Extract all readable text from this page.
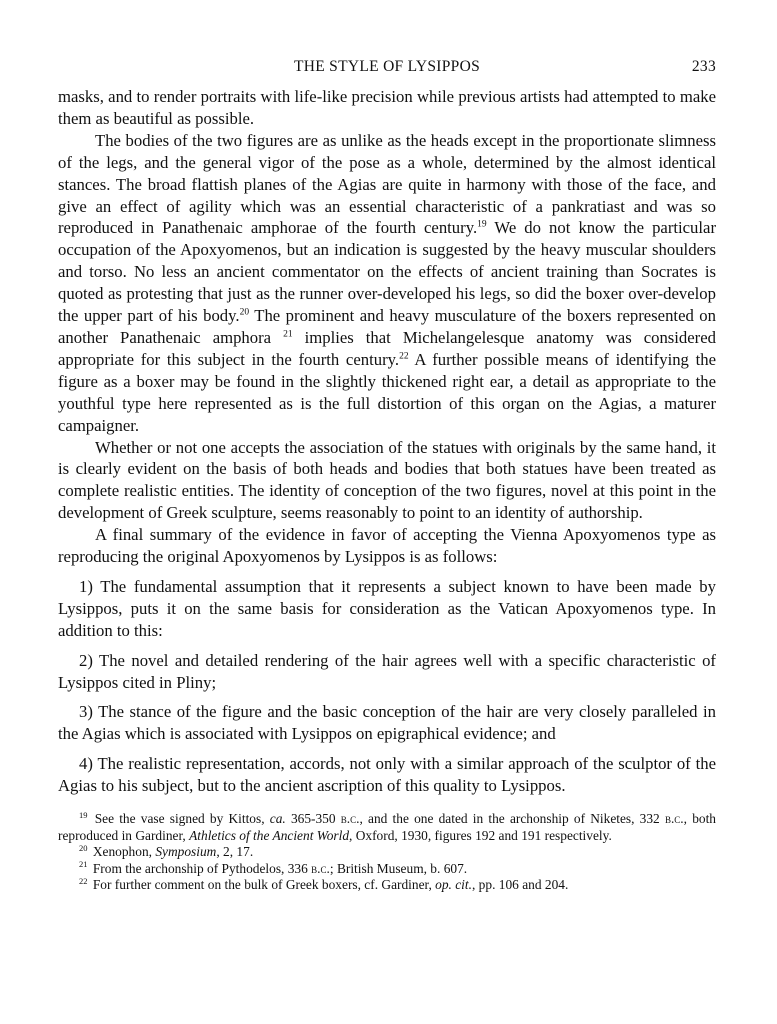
THE STYLE OF LYSIPPOS	233

masks, and to render portraits with life-like precision while previous artists had attempted to make them as beautiful as possible.

The bodies of the two figures are as unlike as the heads except in the proportionate slimness of the legs, and the general vigor of the pose as a whole, determined by the almost identical stances. The broad flattish planes of the Agias are quite in harmony with those of the face, and give an effect of agility which was an essential characteristic of a pankratiast and was so reproduced in Panathenaic amphorae of the fourth century.$^{19}$ We do not know the particular occupation of the Apoxyomenos, but an indication is suggested by the heavy muscular shoulders and torso. No less an ancient commentator on the effects of ancient training than Socrates is quoted as protesting that just as the runner over-developed his legs, so did the boxer over-develop the upper part of his body.$^{20}$ The prominent and heavy musculature of the boxers represented on another Panathenaic amphora $^{21}$ implies that Michelangelesque anatomy was considered appropriate for this subject in the fourth century.$^{22}$ A further possible means of identifying the figure as a boxer may be found in the slightly thickened right ear, a detail as appropriate to the youthful type here represented as is the full distortion of this organ on the Agias, a maturer campaigner.

Whether or not one accepts the association of the statues with originals by the same hand, it is clearly evident on the basis of both heads and bodies that both statues have been treated as complete realistic entities. The identity of conception of the two figures, novel at this point in the development of Greek sculpture, seems reasonably to point to an identity of authorship.

A final summary of the evidence in favor of accepting the Vienna Apoxyomenos type as reproducing the original Apoxyomenos by Lysippos is as follows:

1) The fundamental assumption that it represents a subject known to have been made by Lysippos, puts it on the same basis for consideration as the Vatican Apoxyomenos type. In addition to this:

2) The novel and detailed rendering of the hair agrees well with a specific characteristic of Lysippos cited in Pliny;

3) The stance of the figure and the basic conception of the hair are very closely paralleled in the Agias which is associated with Lysippos on epigraphical evidence; and

4) The realistic representation, accords, not only with a similar approach of the sculptor of the Agias to his subject, but to the ancient ascription of this quality to Lysippos.

$^{19}$ See the vase signed by Kittos, ca. 365-350 b.c., and the one dated in the archonship of Niketes, 332 b.c., both reproduced in Gardiner, Athletics of the Ancient World, Oxford, 1930, figures 192 and 191 respectively.

$^{20}$ Xenophon, Symposium, 2, 17.

$^{21}$ From the archonship of Pythodelos, 336 b.c.; British Museum, b. 607.

$^{22}$ For further comment on the bulk of Greek boxers, cf. Gardiner, op. cit., pp. 106 and 204.
